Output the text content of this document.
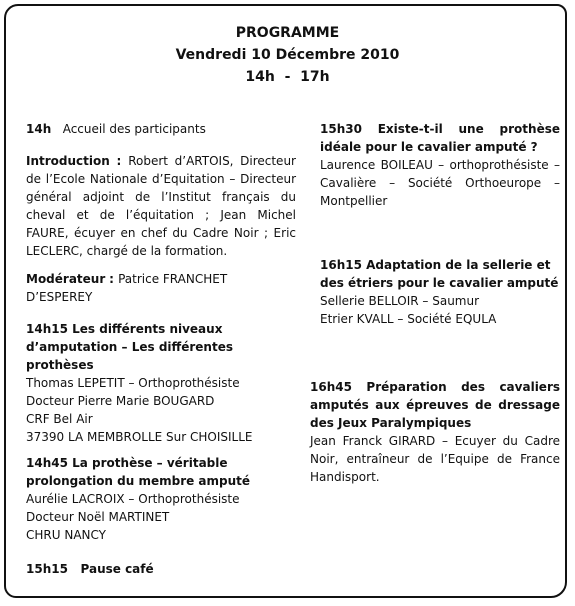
PROGRAMME
Vendredi 10 Décembre 2010
14h  -  17h

14h Accueil des participants

Introduction : Robert d’ARTOIS, Directeur de l’Ecole Nationale d’Equitation – Directeur général adjoint de l’Institut français du cheval et de l’équitation ; Jean Michel FAURE, écuyer en chef du Cadre Noir ; Eric LECLERC, chargé de la formation.

Modérateur : Patrice FRANCHET D’ESPEREY

14h15 Les différents niveaux d’amputation – Les différentes prothèses
Thomas LEPETIT – Orthoprothésiste
Docteur Pierre Marie BOUGARD
CRF Bel Air
37390 LA MEMBROLLE Sur CHOISILLE
14h45 La prothèse – véritable prolongation du membre amputé
Aurélie LACROIX – Orthoprothésiste
Docteur Noël MARTINET
CHRU NANCY

15h15 Pause café

15h30 Existe-t-il une prothèse idéale pour le cavalier amputé ?
Laurence BOILEAU – orthoprothésiste – Cavalière – Société Orthoeurope – Montpellier
16h15 Adaptation de la sellerie et des étriers pour le cavalier amputé
Sellerie BELLOIR – Saumur
Etrier KVALL – Société EQULA
16h45 Préparation des cavaliers amputés aux épreuves de dressage des Jeux Paralympiques
Jean Franck GIRARD – Ecuyer du Cadre Noir, entraîneur de l’Equipe de France Handisport.
